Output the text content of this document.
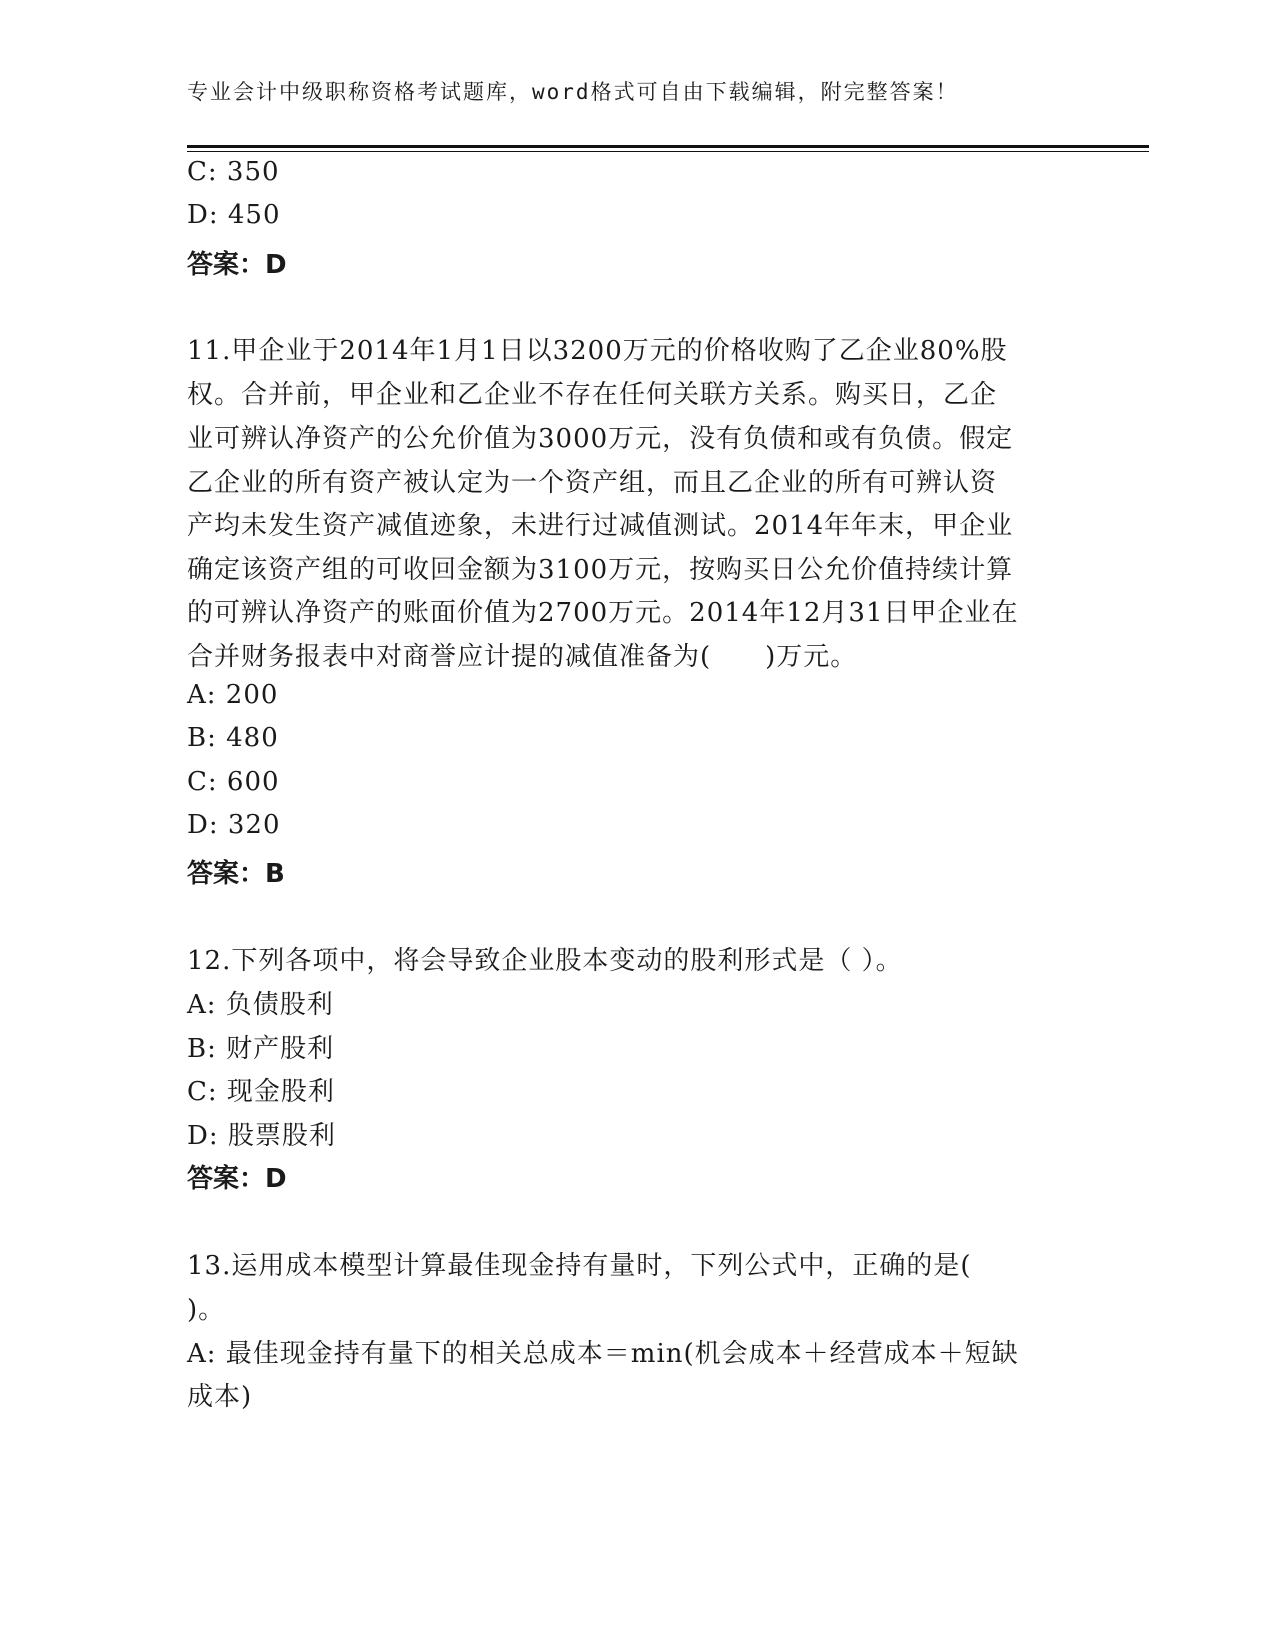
专业会计中级职称资格考试题库，word格式可自由下载编辑，附完整答案！
C: 350
D: 450
答案：D
11.甲企业于2014年1月1日以3200万元的价格收购了乙企业80%股
权。合并前，甲企业和乙企业不存在任何关联方关系。购买日，乙企
业可辨认净资产的公允价值为3000万元，没有负债和或有负债。假定
乙企业的所有资产被认定为一个资产组，而且乙企业的所有可辨认资
产均未发生资产减值迹象，未进行过减值测试。2014年年末，甲企业
确定该资产组的可收回金额为3100万元，按购买日公允价值持续计算
的可辨认净资产的账面价值为2700万元。2014年12月31日甲企业在
合并财务报表中对商誉应计提的减值准备为(　　)万元。
A: 200
B: 480
C: 600
D: 320
答案：B
12.下列各项中，将会导致企业股本变动的股利形式是（ ）。
A: 负债股利
B: 财产股利
C: 现金股利
D: 股票股利
答案：D
13.运用成本模型计算最佳现金持有量时，下列公式中，正确的是(
)。
A: 最佳现金持有量下的相关总成本＝min(机会成本＋经营成本＋短缺
成本)
